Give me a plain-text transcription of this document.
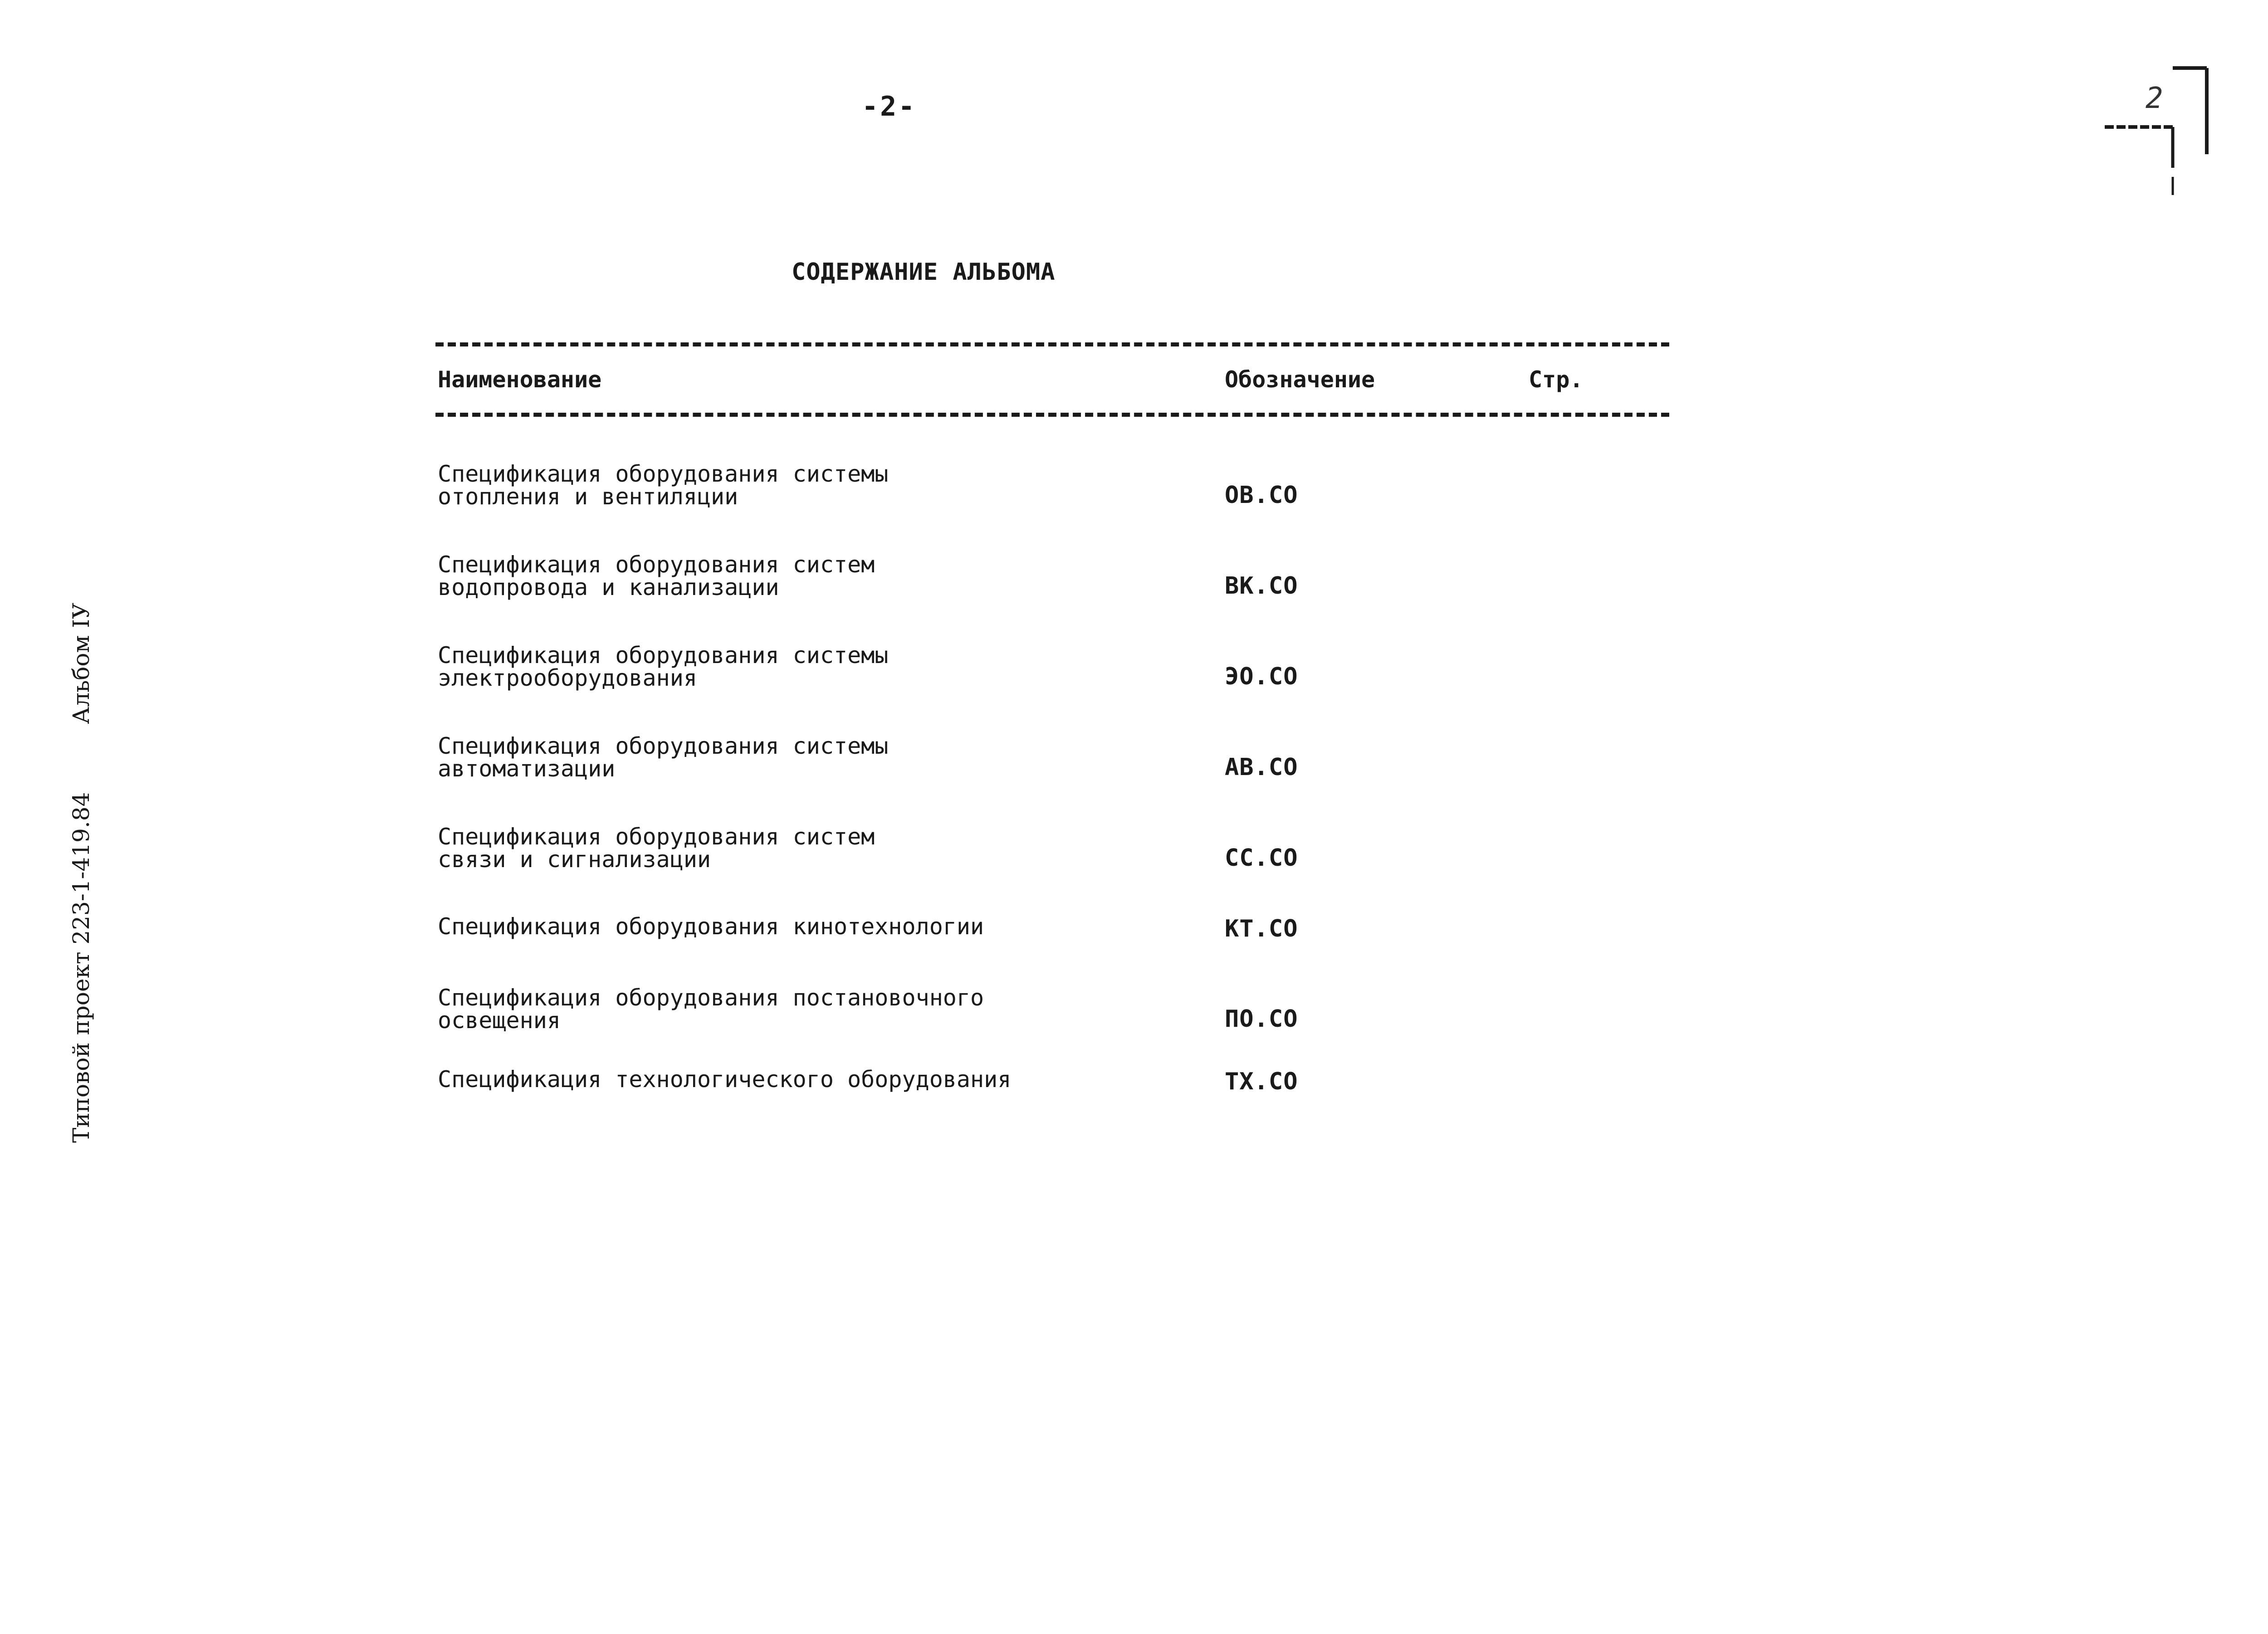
-2-	2
Типовой проект 223-1-419.84Альбом IУ
СОДЕРЖАНИЕ АЛЬБОМА
Наименование	Обозначение	Стр.
Спецификация оборудования системы
отопления и вентиляции	ОВ.СО
Спецификация оборудования систем
водопровода и канализации	ВК.СО
Спецификация оборудования системы
электрооборудования	ЭО.СО
Спецификация оборудования системы
автоматизации	АВ.СО
Спецификация оборудования систем
связи и сигнализации	СС.СО
Спецификация оборудования кинотехнологии	КТ.СО
Спецификация оборудования постановочного
освещения	ПО.СО
Спецификация технологического оборудования	ТХ.СО
